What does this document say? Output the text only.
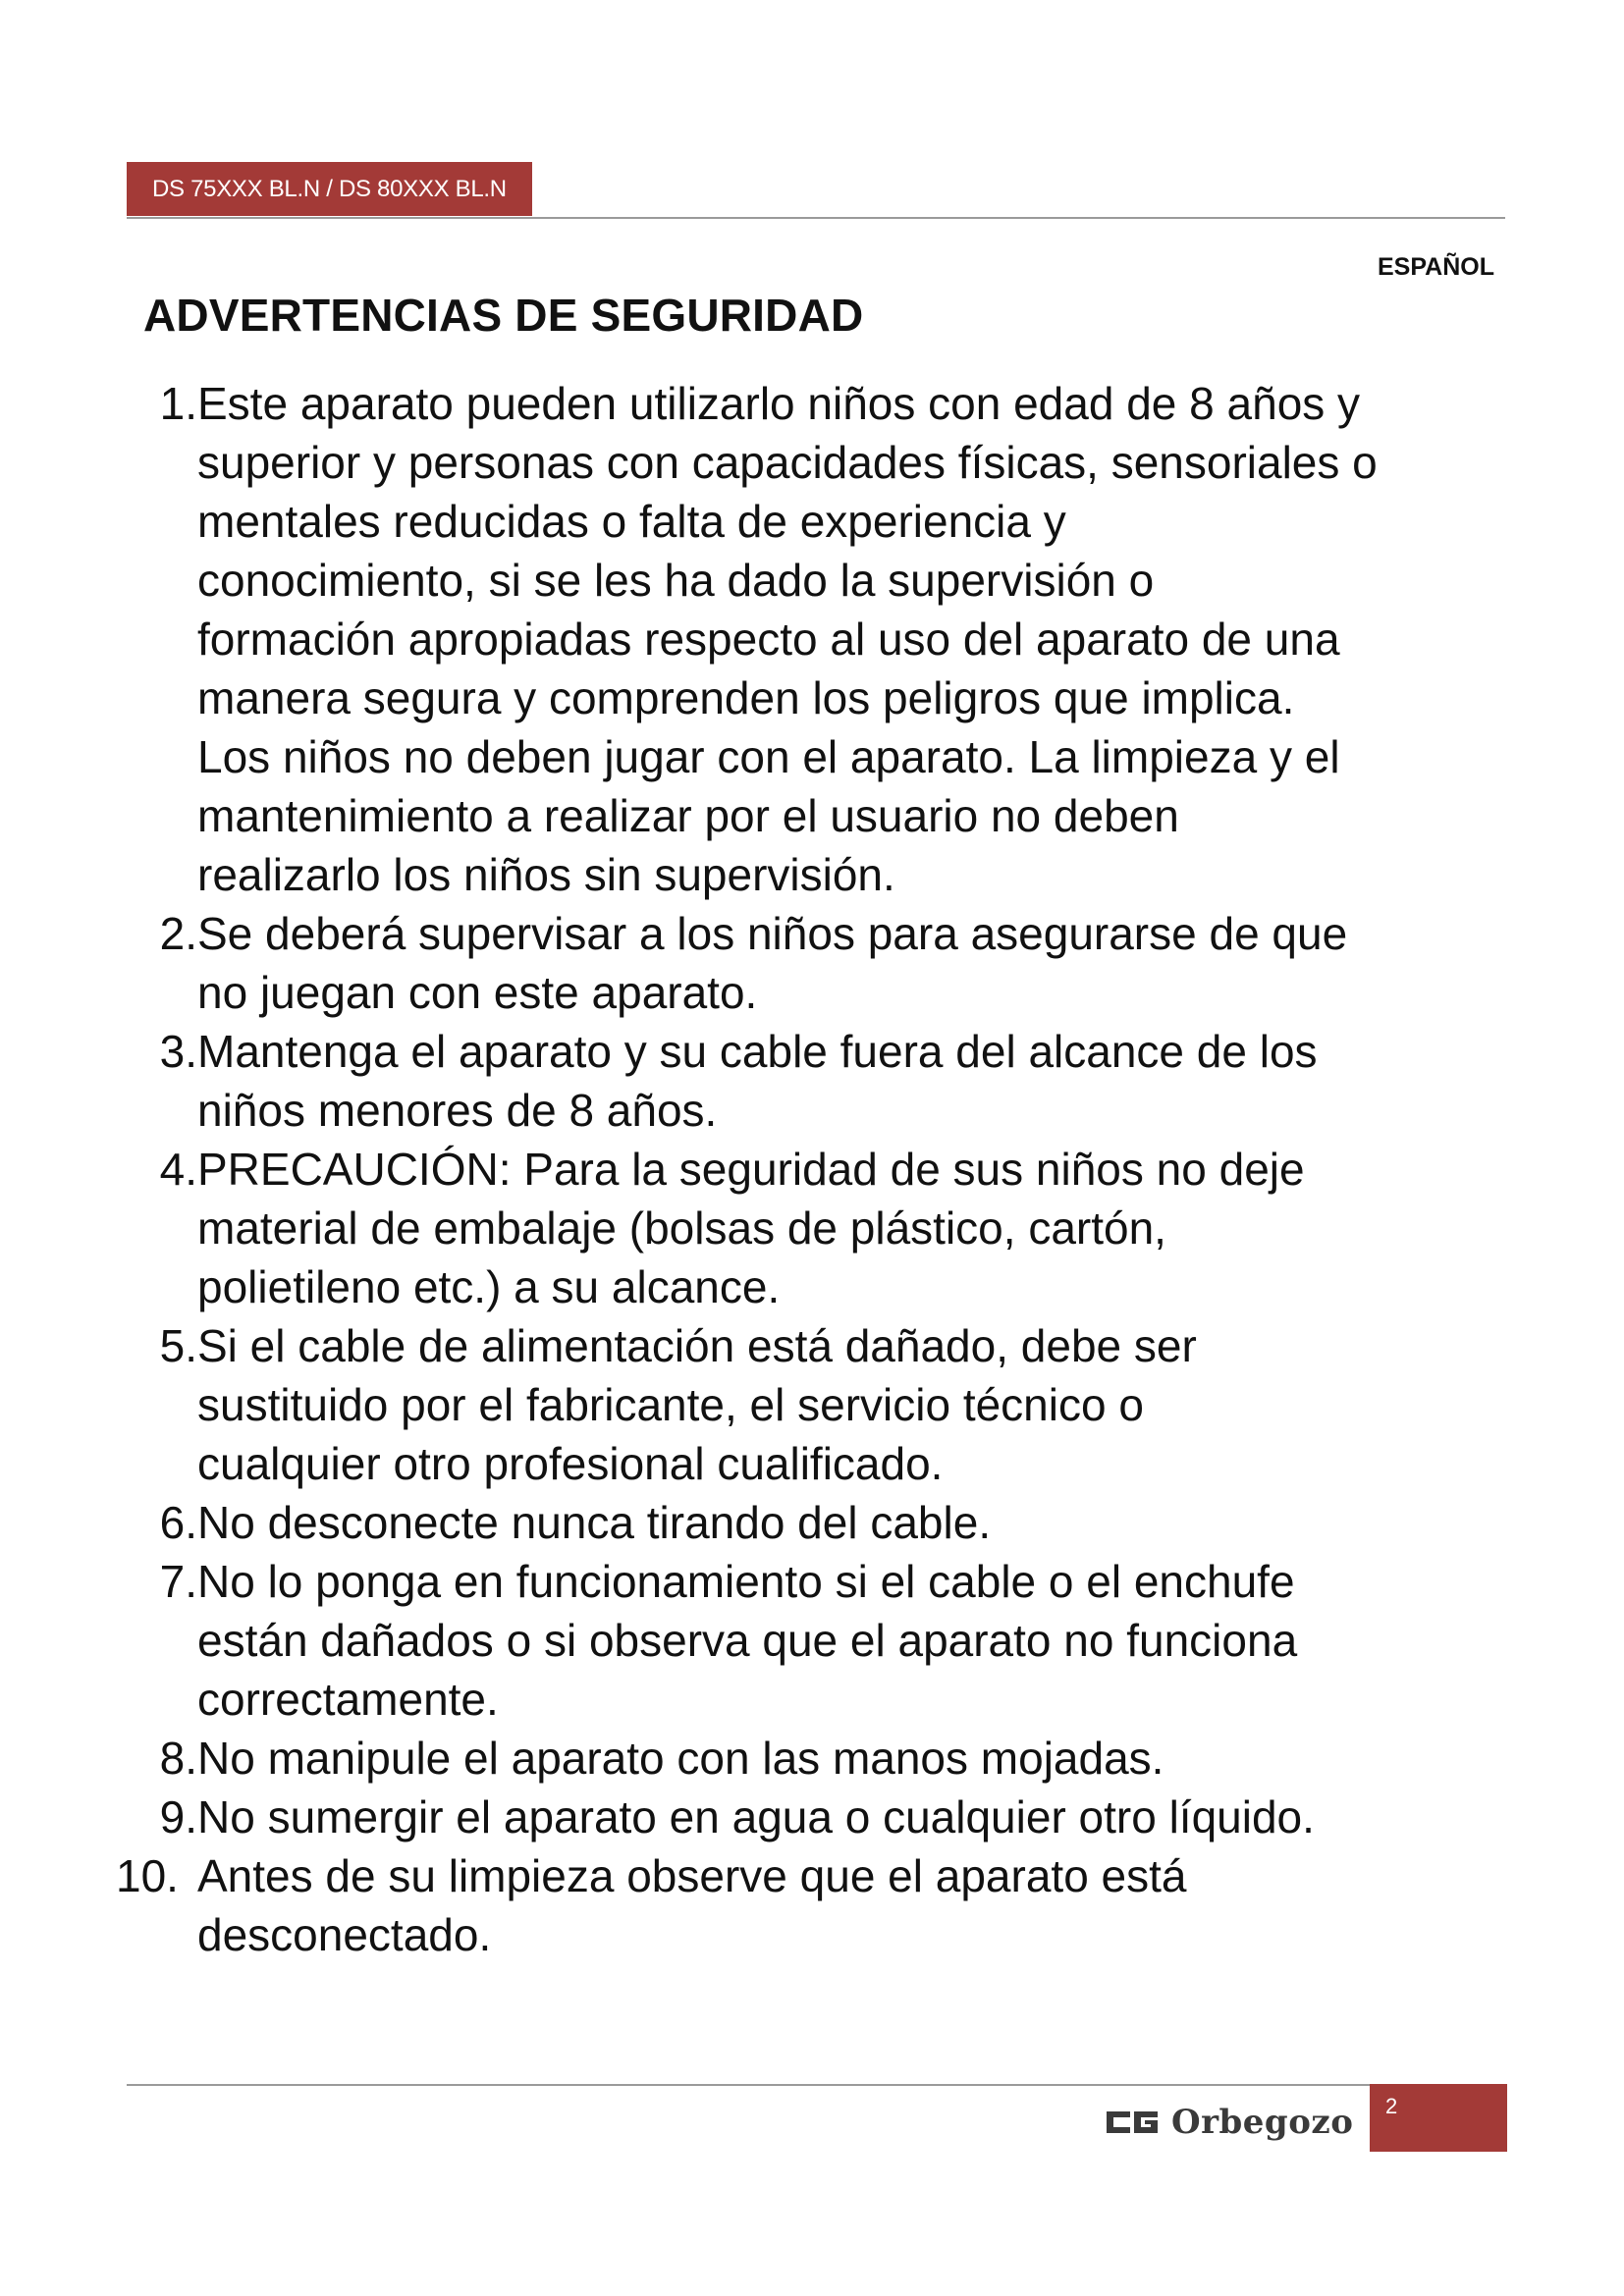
DS 75XXX BL.N / DS 80XXX BL.N
ESPAÑOL
ADVERTENCIAS DE SEGURIDAD
1. Este aparato pueden utilizarlo niños con edad de 8 años y
superior y personas con capacidades físicas, sensoriales o
mentales reducidas o falta de experiencia y
conocimiento, si se les ha dado la supervisión o
formación apropiadas respecto al uso del aparato de una
manera segura y comprenden los peligros que implica.
Los niños no deben jugar con el aparato. La limpieza y el
mantenimiento a realizar por el usuario no deben
realizarlo los niños sin supervisión.
2. Se deberá supervisar a los niños para asegurarse de que
no juegan con este aparato.
3. Mantenga el aparato y su cable fuera del alcance de los
niños menores de 8 años.
4. PRECAUCIÓN: Para la seguridad de sus niños no deje
material de embalaje (bolsas de plástico, cartón,
polietileno etc.) a su alcance.
5. Si el cable de alimentación está dañado, debe ser
sustituido por el fabricante, el servicio técnico o
cualquier otro profesional cualificado.
6. No desconecte nunca tirando del cable.
7. No lo ponga en funcionamiento si el cable o el enchufe
están dañados o si observa que el aparato no funciona
correctamente.
8. No manipule el aparato con las manos mojadas.
9. No sumergir el aparato en agua o cualquier otro líquido.
10. Antes de su limpieza observe que el aparato está
desconectado.
Orbegozo 2
